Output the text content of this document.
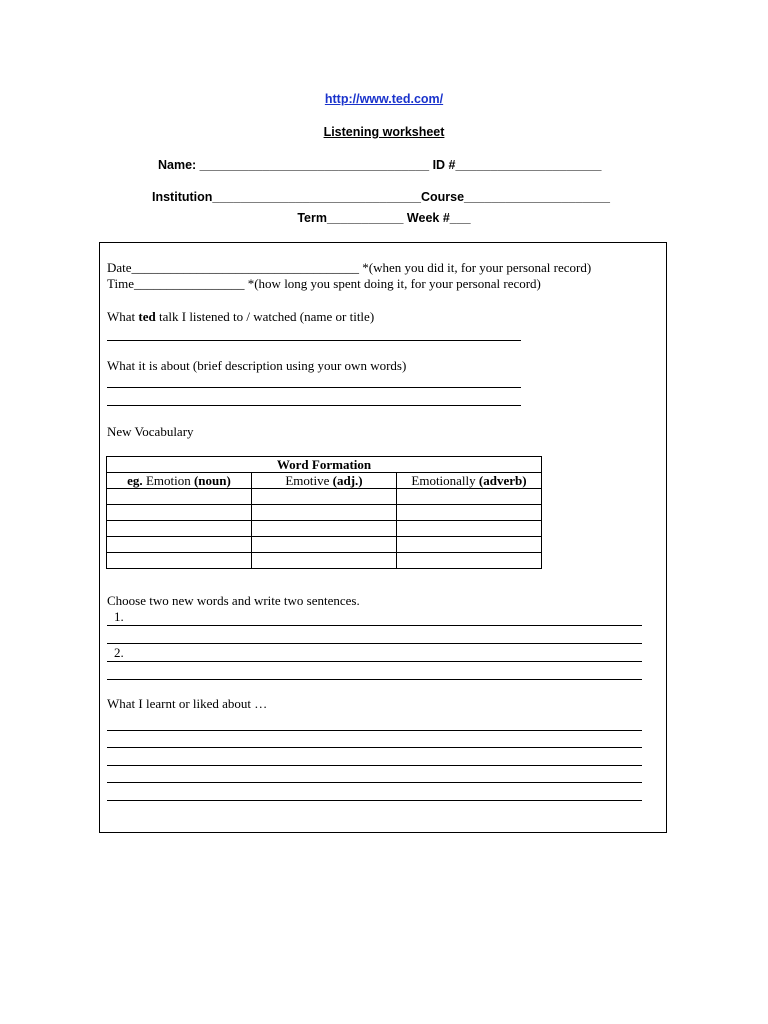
http://www.ted.com/
Listening worksheet
Name: _________________________________ ID #_____________________
Institution______________________________Course_____________________
Term___________ Week #___
Date___________________________________ *(when you did it, for your personal record)
Time_________________ *(how long you spent doing it, for your personal record)
What ted talk I listened to / watched (name or title)
What it is about (brief description using your own words)
New Vocabulary
Word Formation		
eg. Emotion (noun)	Emotive (adj.)	Emotionally (adverb)

Choose two new words and write two sentences.
1.
2.
What I learnt or liked about …
